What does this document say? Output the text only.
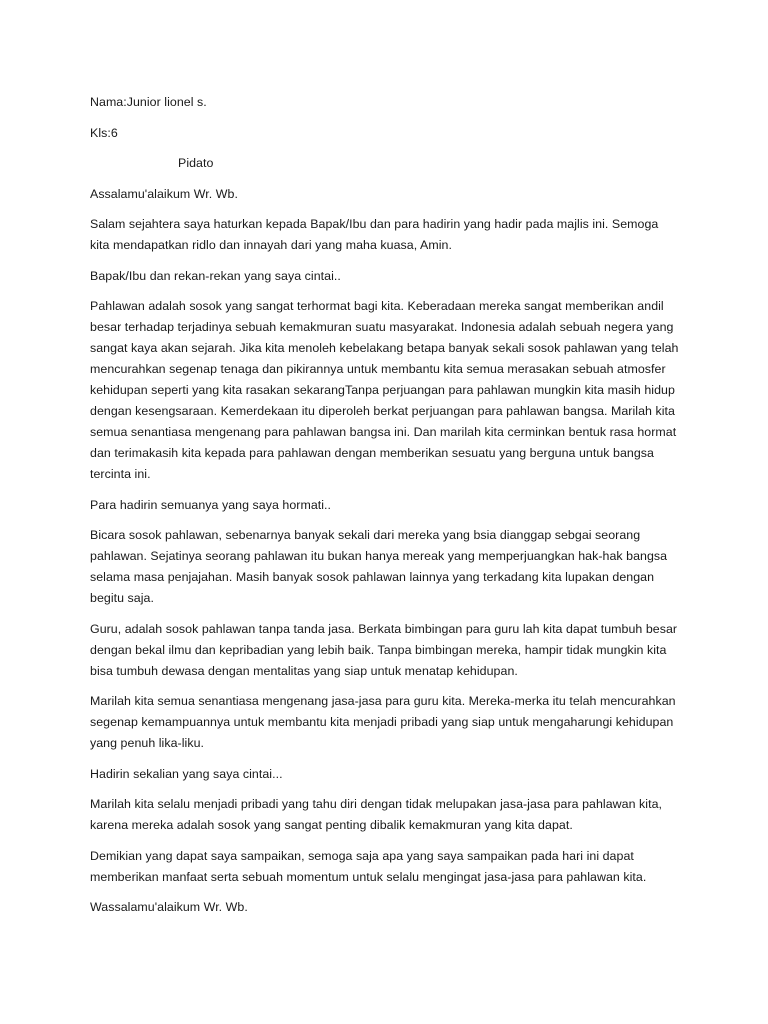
Nama:Junior lionel s.

Kls:6

Pidato

Assalamu'alaikum Wr. Wb.

Salam sejahtera saya haturkan kepada Bapak/Ibu dan para hadirin yang hadir pada majlis ini. Semoga kita mendapatkan ridlo dan innayah dari yang maha kuasa, Amin.

Bapak/Ibu dan rekan-rekan yang saya cintai..

Pahlawan adalah sosok yang sangat terhormat bagi kita. Keberadaan mereka sangat memberikan andil besar terhadap terjadinya sebuah kemakmuran suatu masyarakat. Indonesia adalah sebuah negera yang sangat kaya akan sejarah. Jika kita menoleh kebelakang betapa banyak sekali sosok pahlawan yang telah mencurahkan segenap tenaga dan pikirannya untuk membantu kita semua merasakan sebuah atmosfer kehidupan seperti yang kita rasakan sekarangTanpa perjuangan para pahlawan mungkin kita masih hidup dengan kesengsaraan. Kemerdekaan itu diperoleh berkat perjuangan para pahlawan bangsa. Marilah kita semua senantiasa mengenang para pahlawan bangsa ini. Dan marilah kita cerminkan bentuk rasa hormat dan terimakasih kita kepada para pahlawan dengan memberikan sesuatu yang berguna untuk bangsa tercinta ini.

Para hadirin semuanya yang saya hormati..

Bicara sosok pahlawan, sebenarnya banyak sekali dari mereka yang bsia dianggap sebgai seorang pahlawan. Sejatinya seorang pahlawan itu bukan hanya mereak yang memperjuangkan hak-hak bangsa selama masa penjajahan. Masih banyak sosok pahlawan lainnya yang terkadang kita lupakan dengan begitu saja.

Guru, adalah sosok pahlawan tanpa tanda jasa. Berkata bimbingan para guru lah kita dapat tumbuh besar dengan bekal ilmu dan kepribadian yang lebih baik. Tanpa bimbingan mereka, hampir tidak mungkin kita bisa tumbuh dewasa dengan mentalitas yang siap untuk menatap kehidupan.

Marilah kita semua senantiasa mengenang jasa-jasa para guru kita. Mereka-merka itu telah mencurahkan segenap kemampuannya untuk membantu kita menjadi pribadi yang siap untuk mengaharungi kehidupan yang penuh lika-liku.

Hadirin sekalian yang saya cintai...

Marilah kita selalu menjadi pribadi yang tahu diri dengan tidak melupakan jasa-jasa para pahlawan kita, karena mereka adalah sosok yang sangat penting dibalik kemakmuran yang kita dapat.

Demikian yang dapat saya sampaikan, semoga saja apa yang saya sampaikan pada hari ini dapat memberikan manfaat serta sebuah momentum untuk selalu mengingat jasa-jasa para pahlawan kita.

Wassalamu'alaikum Wr. Wb.
